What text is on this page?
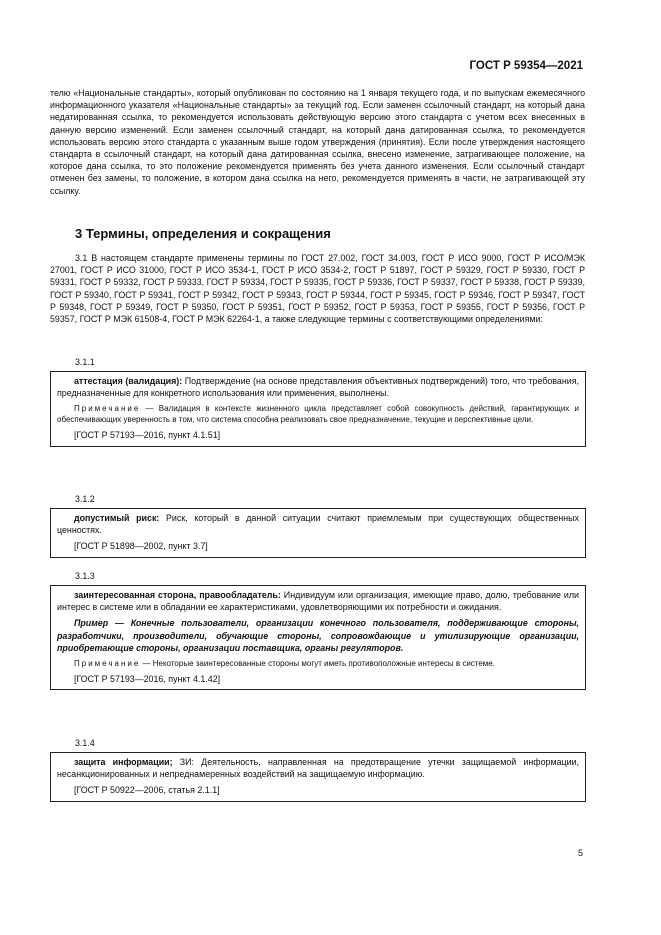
ГОСТ Р 59354—2021
телю «Национальные стандарты», который опубликован по состоянию на 1 января текущего года, и по выпускам ежемесячного информационного указателя «Национальные стандарты» за текущий год. Если заменен ссылочный стандарт, на который дана недатированная ссылка, то рекомендуется использовать действующую версию этого стандарта с учетом всех внесенных в данную версию изменений. Если заменен ссылочный стандарт, на который дана датированная ссылка, то рекомендуется использовать версию этого стандарта с указанным выше годом утверждения (принятия). Если после утверждения настоящего стандарта в ссылочный стандарт, на который дана датированная ссылка, внесено изменение, затрагивающее положение, на которое дана ссылка, то это положение рекомендуется применять без учета данного изменения. Если ссылочный стандарт отменен без замены, то положение, в котором дана ссылка на него, рекомендуется применять в части, не затрагивающей эту ссылку.
3 Термины, определения и сокращения
3.1 В настоящем стандарте применены термины по ГОСТ 27.002, ГОСТ 34.003, ГОСТ Р ИСО 9000, ГОСТ Р ИСО/МЭК 27001, ГОСТ Р ИСО 31000, ГОСТ Р ИСО 3534-1, ГОСТ Р ИСО 3534-2, ГОСТ Р 51897, ГОСТ Р 59329, ГОСТ Р 59330, ГОСТ Р 59331, ГОСТ Р 59332, ГОСТ Р 59333, ГОСТ Р 59334, ГОСТ Р 59335, ГОСТ Р 59336, ГОСТ Р 59337, ГОСТ Р 59338, ГОСТ Р 59339, ГОСТ Р 59340, ГОСТ Р 59341, ГОСТ Р 59342, ГОСТ Р 59343, ГОСТ Р 59344, ГОСТ Р 59345, ГОСТ Р 59346, ГОСТ Р 59347, ГОСТ Р 59348, ГОСТ Р 59349, ГОСТ Р 59350, ГОСТ Р 59351, ГОСТ Р 59352, ГОСТ Р 59353, ГОСТ Р 59355, ГОСТ Р 59356, ГОСТ Р 59357, ГОСТ Р МЭК 61508-4, ГОСТ Р МЭК 62264-1, а также следующие термины с соответствующими определениями:
3.1.1

аттестация (валидация): Подтверждение (на основе представления объективных подтверждений) того, что требования, предназначенные для конкретного использования или применения, выполнены.

Примечание — Валидация в контексте жизненного цикла представляет собой совокупность действий, гарантирующих и обеспечивающих уверенность в том, что система способна реализовать свое предназначение, текущие и перспективные цели.

[ГОСТ Р 57193—2016, пункт 4.1.51]

3.1.2

допустимый риск: Риск, который в данной ситуации считают приемлемым при существующих общественных ценностях.

[ГОСТ Р 51898—2002, пункт 3.7]

3.1.3

заинтересованная сторона, правообладатель: Индивидуум или организация, имеющие право, долю, требование или интерес в системе или в обладании ее характеристиками, удовлетворяющими их потребности и ожидания.

Пример — Конечные пользователи, организации конечного пользователя, поддерживающие стороны, разработчики, производители, обучающие стороны, сопровождающие и утилизирующие организации, приобретающие стороны, организации поставщика, органы регуляторов.

Примечание — Некоторые заинтересованные стороны могут иметь противоположные интересы в системе.

[ГОСТ Р 57193—2016, пункт 4.1.42]

3.1.4

защита информации; ЗИ: Деятельность, направленная на предотвращение утечки защищаемой информации, несанкционированных и непреднамеренных воздействий на защищаемую информацию.

[ГОСТ Р 50922—2006, статья 2.1.1]

5
